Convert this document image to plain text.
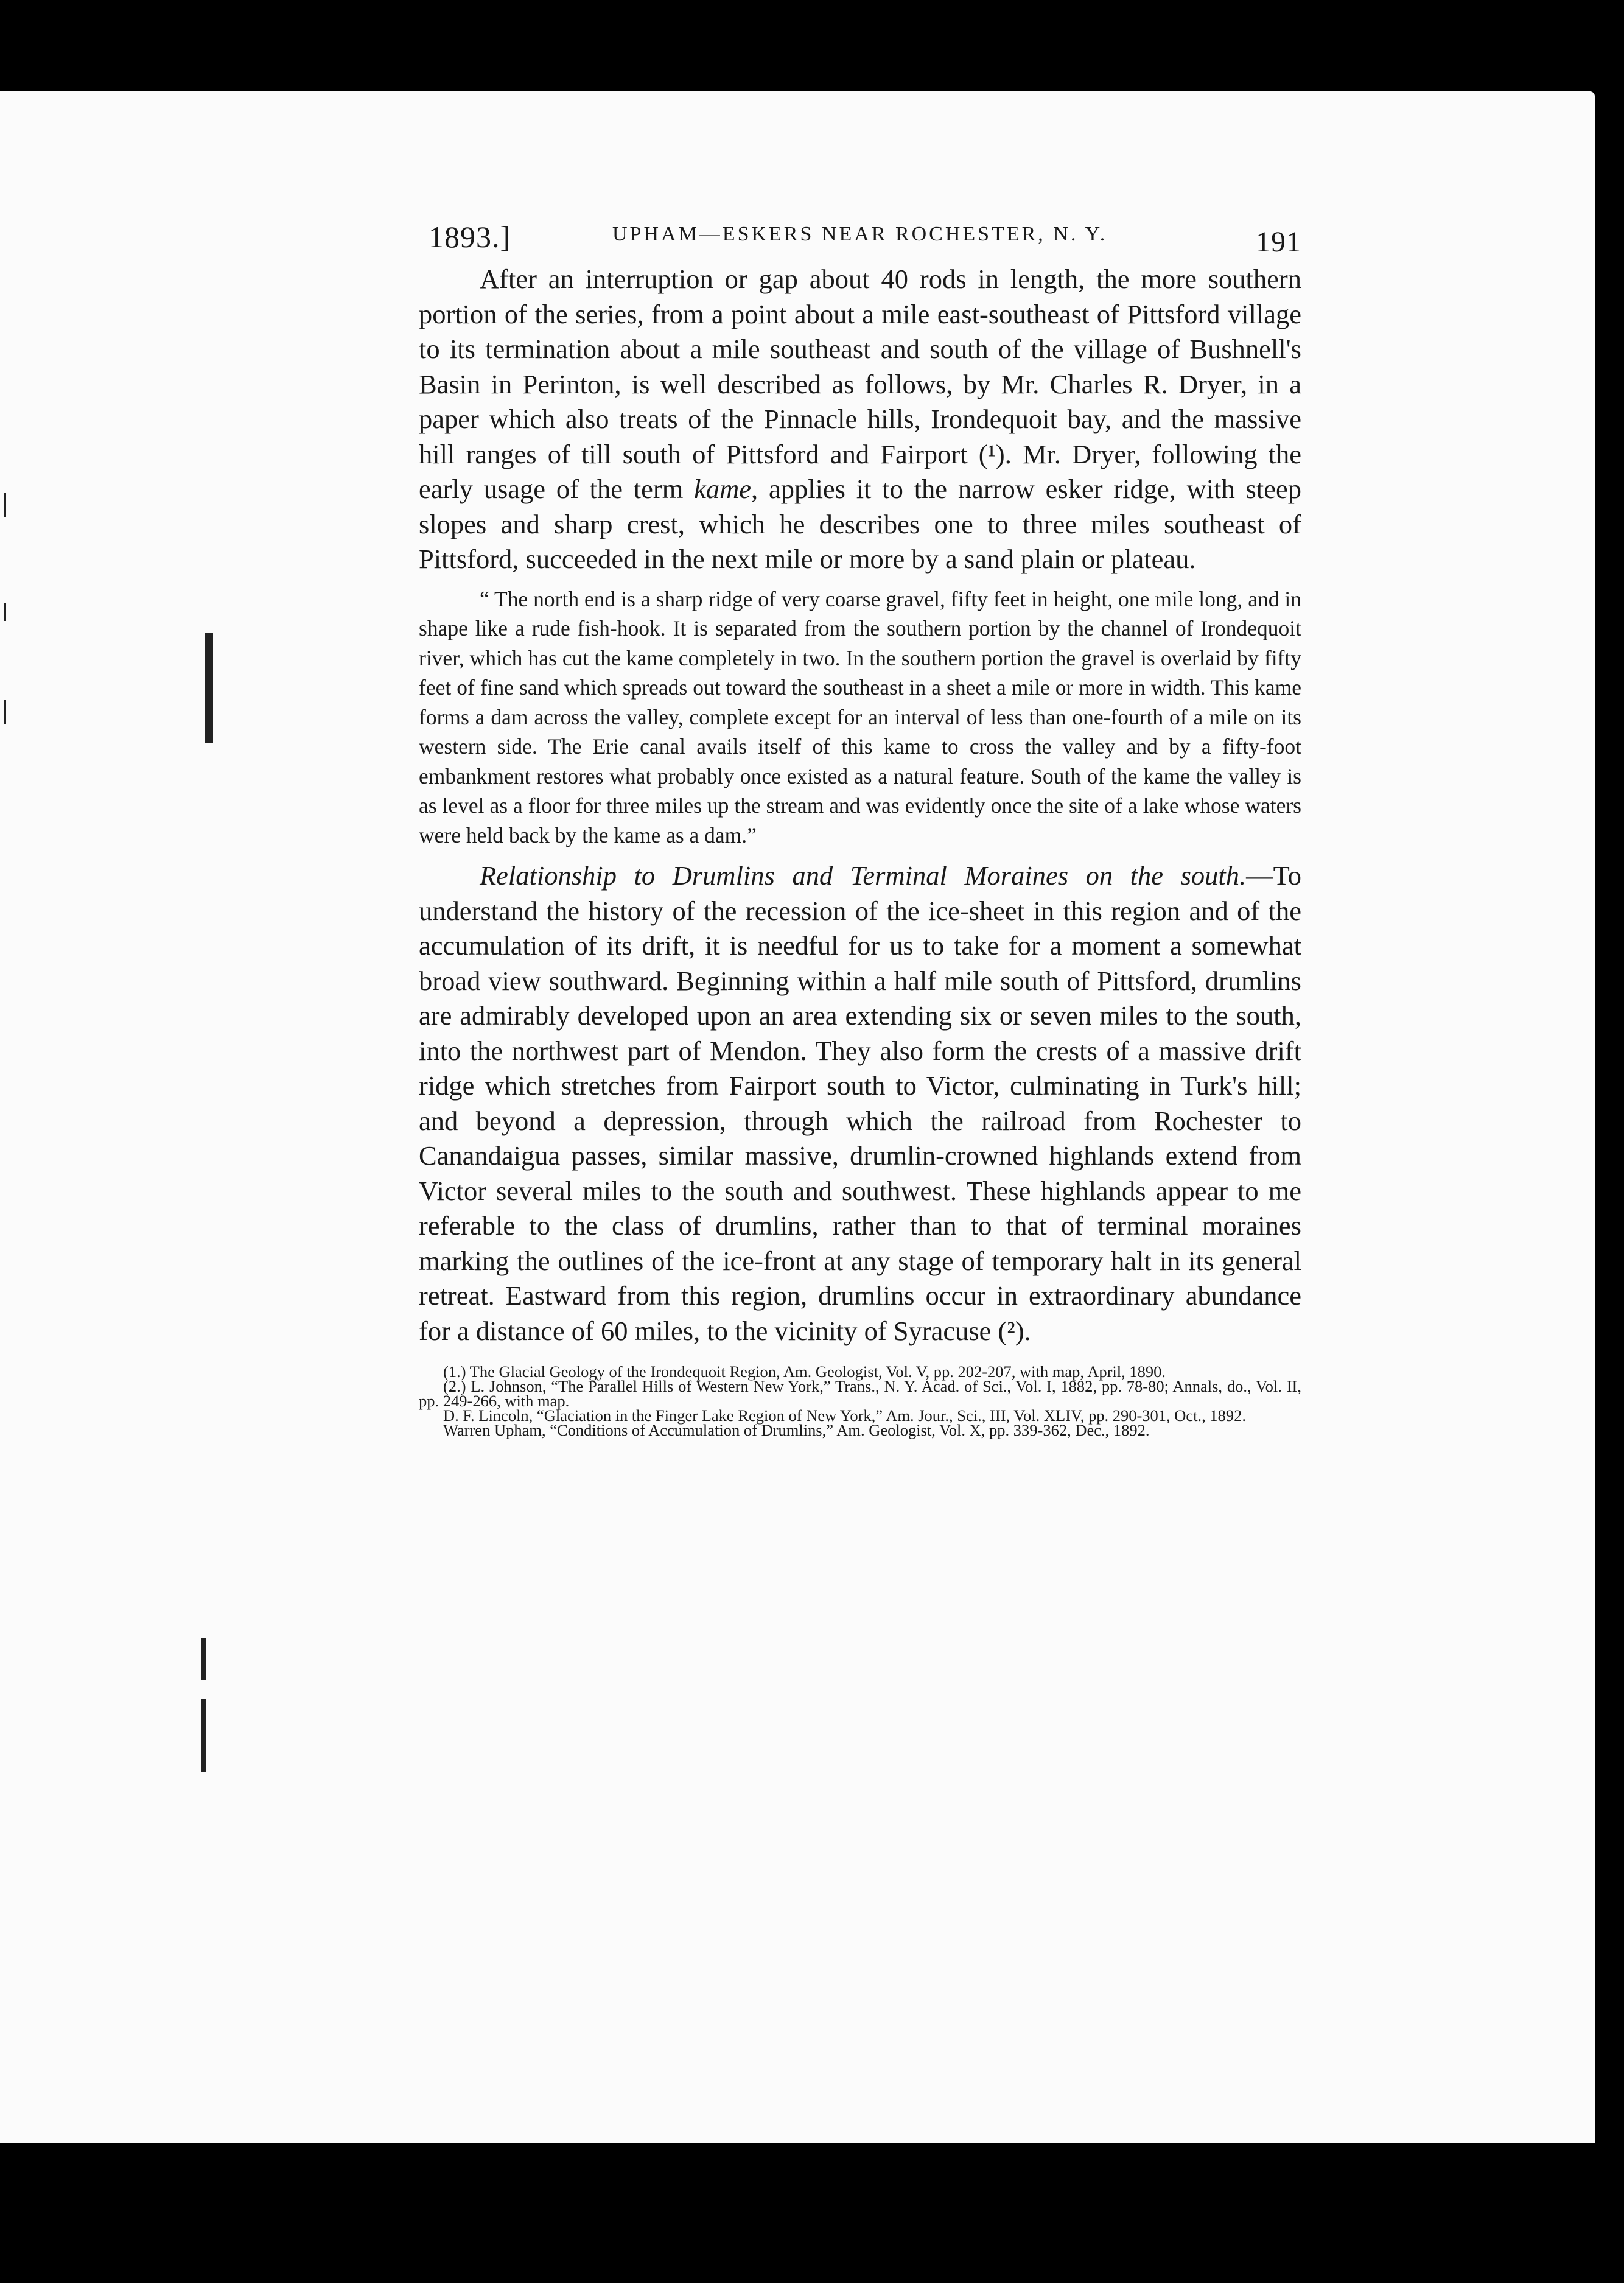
1893.]	UPHAM—ESKERS NEAR ROCHESTER, N. Y.	191

After an interruption or gap about 40 rods in length, the more southern portion of the series, from a point about a mile east-southeast of Pittsford village to its termination about a mile southeast and south of the village of Bushnell's Basin in Perinton, is well described as follows, by Mr. Charles R. Dryer, in a paper which also treats of the Pinnacle hills, Irondequoit bay, and the massive hill ranges of till south of Pittsford and Fairport (¹). Mr. Dryer, following the early usage of the term kame, applies it to the narrow esker ridge, with steep slopes and sharp crest, which he describes one to three miles southeast of Pittsford, succeeded in the next mile or more by a sand plain or plateau.

“ The north end is a sharp ridge of very coarse gravel, fifty feet in height, one mile long, and in shape like a rude fish-hook. It is separated from the southern portion by the channel of Irondequoit river, which has cut the kame completely in two. In the southern portion the gravel is overlaid by fifty feet of fine sand which spreads out toward the southeast in a sheet a mile or more in width. This kame forms a dam across the valley, complete except for an interval of less than one-fourth of a mile on its western side. The Erie canal avails itself of this kame to cross the valley and by a fifty-foot embankment restores what probably once existed as a natural feature. South of the kame the valley is as level as a floor for three miles up the stream and was evidently once the site of a lake whose waters were held back by the kame as a dam.”

Relationship to Drumlins and Terminal Moraines on the south.—To understand the history of the recession of the ice-sheet in this region and of the accumulation of its drift, it is needful for us to take for a moment a somewhat broad view southward. Beginning within a half mile south of Pittsford, drumlins are admirably developed upon an area extending six or seven miles to the south, into the northwest part of Mendon. They also form the crests of a massive drift ridge which stretches from Fairport south to Victor, culminating in Turk's hill; and beyond a depression, through which the railroad from Rochester to Canandaigua passes, similar massive, drumlin-crowned highlands extend from Victor several miles to the south and southwest. These highlands appear to me referable to the class of drumlins, rather than to that of terminal moraines marking the outlines of the ice-front at any stage of temporary halt in its general retreat. Eastward from this region, drumlins occur in extraordinary abundance for a distance of 60 miles, to the vicinity of Syracuse (²).

(1.) The Glacial Geology of the Irondequoit Region, Am. Geologist, Vol. V, pp. 202-207, with map, April, 1890.

(2.) L. Johnson, “The Parallel Hills of Western New York,” Trans., N. Y. Acad. of Sci., Vol. I, 1882, pp. 78-80; Annals, do., Vol. II, pp. 249-266, with map.

D. F. Lincoln, “Glaciation in the Finger Lake Region of New York,” Am. Jour., Sci., III, Vol. XLIV, pp. 290-301, Oct., 1892.

Warren Upham, “Conditions of Accumulation of Drumlins,” Am. Geologist, Vol. X, pp. 339-362, Dec., 1892.
